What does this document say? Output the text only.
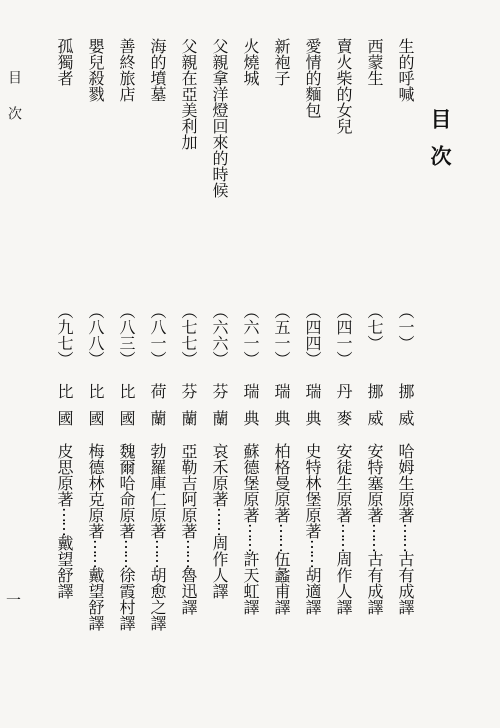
目次
一
目次
生的呼喊
（一）
挪威
哈姆生原著⋯⋯古有成譯
西蒙生
（七）
挪威
安特塞原著⋯⋯古有成譯
賣火柴的女兒
（四一）
丹麥
安徒生原著⋯⋯周作人譯
愛情的麵包
（四四）
瑞典
史特林堡原著⋯⋯胡適譯
新袍子
（五一）
瑞典
柏格曼原著⋯⋯伍蠡甫譯
火燒城
（六一）
瑞典
蘇德堡原著⋯⋯許天虹譯
父親拿洋燈回來的時候
（六六）
芬蘭
哀禾原著⋯⋯周作人譯
父親在亞美利加
（七七）
芬蘭
亞勒吉阿原著⋯⋯魯迅譯
海的墳墓
（八一）
荷蘭
勃羅庫仁原著⋯⋯胡愈之譯
善終旅店
（八三）
比國
魏爾哈命原著⋯⋯徐霞村譯
嬰兒殺戮
（八八）
比國
梅德林克原著⋯⋯戴望舒譯
孤獨者
（九七）
比國
皮思原著⋯⋯戴望舒譯
